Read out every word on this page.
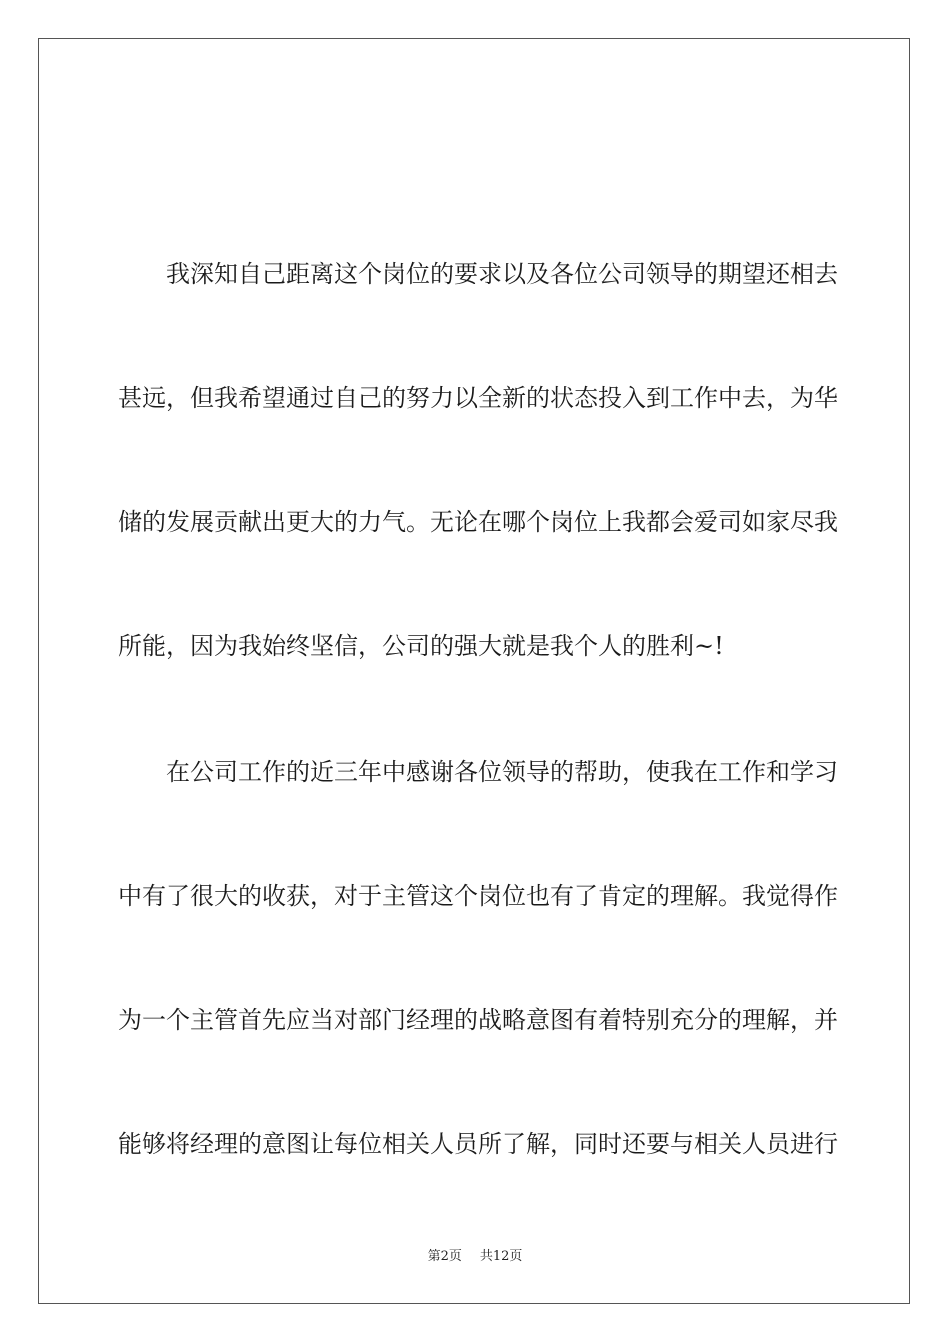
我深知自己距离这个岗位的要求以及各位公司领导的期望还相去
甚远，但我希望通过自己的努力以全新的状态投入到工作中去，为华
储的发展贡献出更大的力气。无论在哪个岗位上我都会爱司如家尽我
所能，因为我始终坚信，公司的强大就是我个人的胜利~!
在公司工作的近三年中感谢各位领导的帮助，使我在工作和学习
中有了很大的收获，对于主管这个岗位也有了肯定的理解。我觉得作
为一个主管首先应当对部门经理的战略意图有着特别充分的理解，并
能够将经理的意图让每位相关人员所了解，同时还要与相关人员进行
第2页 共12页
